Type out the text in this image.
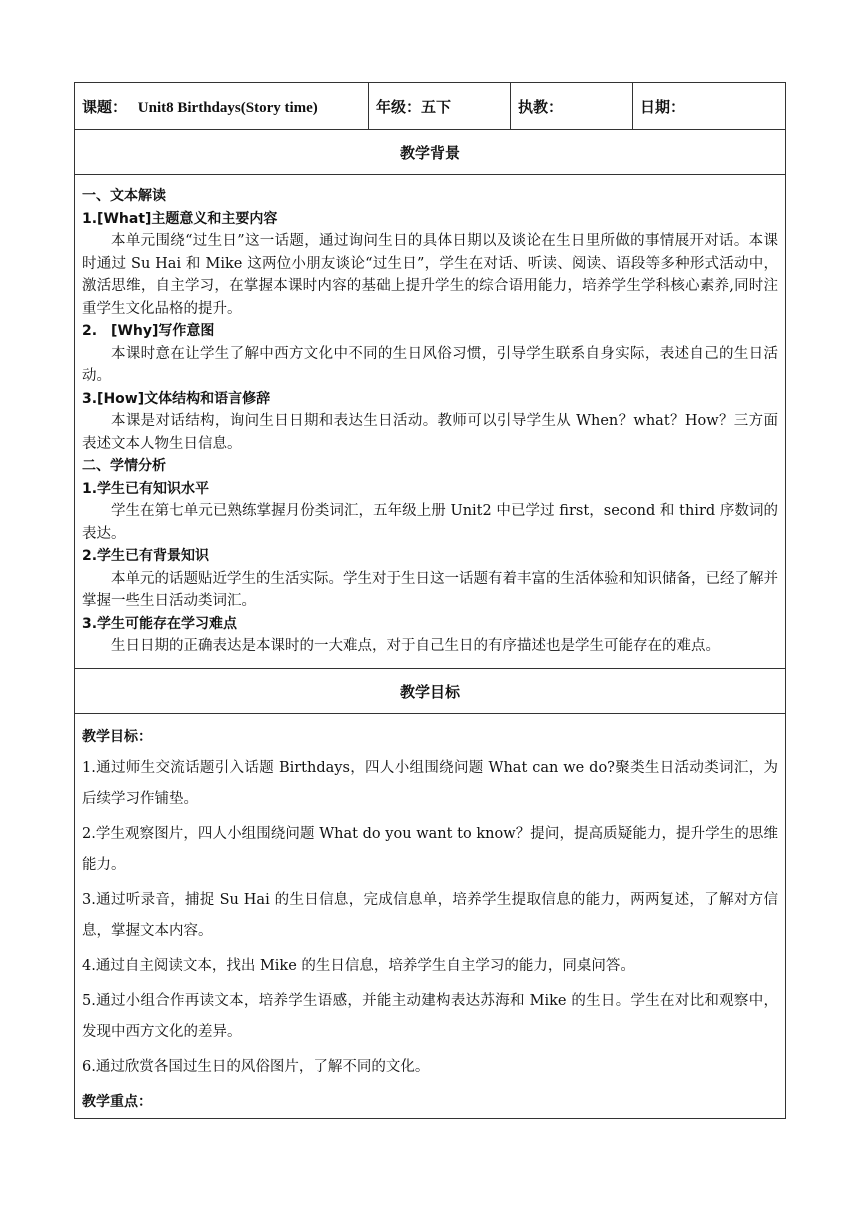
课题： Unit8 Birthdays(Story time)	年级：五下	执教：	日期：
教学背景

一、文本解读
1.[What]主题意义和主要内容

本单元围绕“过生日”这一话题，通过询问生日的具体日期以及谈论在生日里所做的事情展开对话。本课时通过 Su Hai 和 Mike 这两位小朋友谈论“过生日”，学生在对话、听读、阅读、语段等多种形式活动中，激活思维，自主学习，在掌握本课时内容的基础上提升学生的综合语用能力，培养学生学科核心素养,同时注重学生文化品格的提升。

2.　[Why]写作意图

本课时意在让学生了解中西方文化中不同的生日风俗习惯，引导学生联系自身实际，表述自己的生日活动。

3.[How]文体结构和语言修辞

本课是对话结构，询问生日日期和表达生日活动。教师可以引导学生从 When？what？How？三方面表述文本人物生日信息。

二、学情分析
1.学生已有知识水平

学生在第七单元已熟练掌握月份类词汇，五年级上册 Unit2 中已学过 first，second 和 third 序数词的表达。

2.学生已有背景知识

本单元的话题贴近学生的生活实际。学生对于生日这一话题有着丰富的生活体验和知识储备，已经了解并掌握一些生日活动类词汇。

3.学生可能存在学习难点

生日日期的正确表达是本课时的一大难点，对于自己生日的有序描述也是学生可能存在的难点。

教学目标

教学目标：
1.通过师生交流话题引入话题 Birthdays，四人小组围绕问题 What can we do?聚类生日活动类词汇，为后续学习作铺垫。
2.学生观察图片，四人小组围绕问题 What do you want to know？提问，提高质疑能力，提升学生的思维能力。
3.通过听录音，捕捉 Su Hai 的生日信息，完成信息单，培养学生提取信息的能力，两两复述，了解对方信息，掌握文本内容。
4.通过自主阅读文本，找出 Mike 的生日信息，培养学生自主学习的能力，同桌问答。
5.通过小组合作再读文本，培养学生语感，并能主动建构表达苏海和 Mike 的生日。学生在对比和观察中，发现中西方文化的差异。
6.通过欣赏各国过生日的风俗图片，了解不同的文化。
教学重点：
